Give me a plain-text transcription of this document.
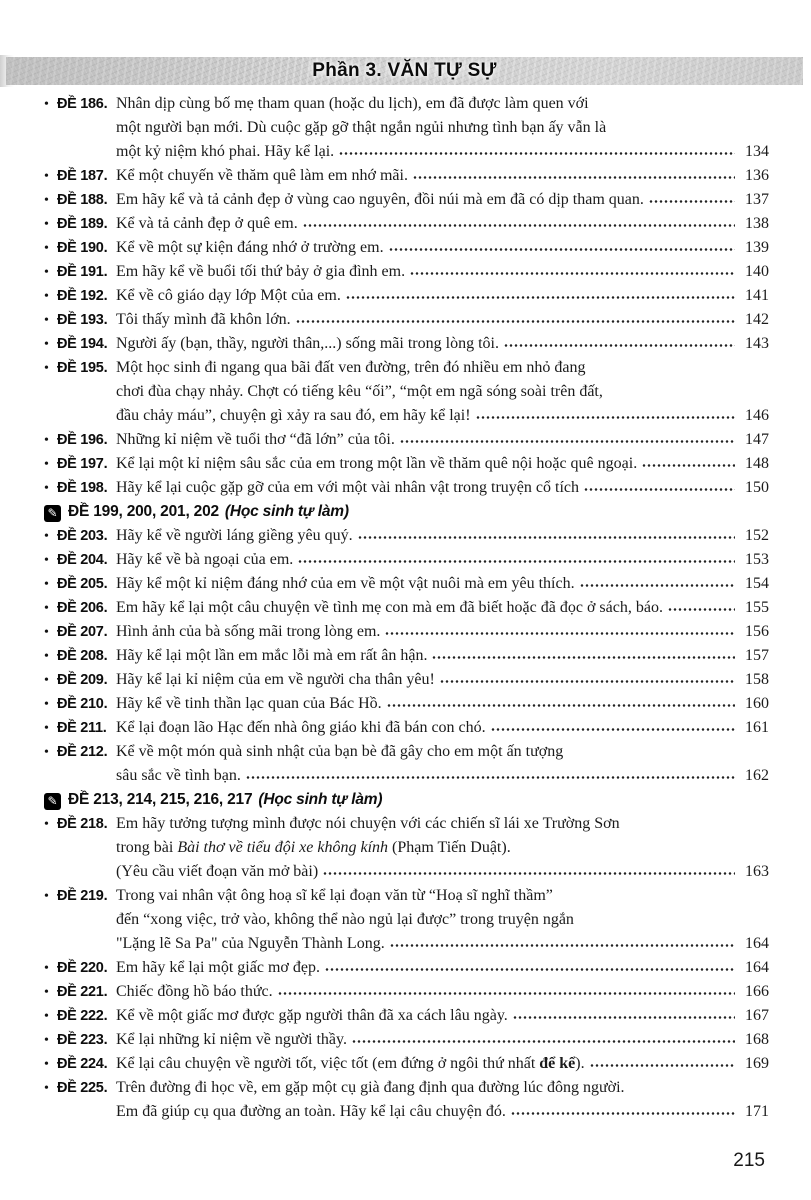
Phần 3. VĂN TỰ SỰ
• ĐỀ 186. Nhân dịp cùng bố mẹ tham quan (hoặc du lịch), em đã được làm quen với
một người bạn mới. Dù cuộc gặp gỡ thật ngắn ngủi nhưng tình bạn ấy vẫn là
một kỷ niệm khó phai. Hãy kể lại.	134
• ĐỀ 187. Kể một chuyến về thăm quê làm em nhớ mãi.	136
• ĐỀ 188. Em hãy kể và tả cảnh đẹp ở vùng cao nguyên, đồi núi mà em đã có dịp tham quan.	137
• ĐỀ 189. Kể và tả cảnh đẹp ở quê em.	138
• ĐỀ 190. Kể về một sự kiện đáng nhớ ở trường em.	139
• ĐỀ 191. Em hãy kể về buổi tối thứ bảy ở gia đình em.	140
• ĐỀ 192. Kể về cô giáo dạy lớp Một của em.	141
• ĐỀ 193. Tôi thấy mình đã khôn lớn.	142
• ĐỀ 194. Người ấy (bạn, thầy, người thân,...) sống mãi trong lòng tôi.	143
• ĐỀ 195. Một học sinh đi ngang qua bãi đất ven đường, trên đó nhiều em nhỏ đang
chơi đùa chạy nhảy. Chợt có tiếng kêu “ối”, “một em ngã sóng soài trên đất,
đầu chảy máu”, chuyện gì xảy ra sau đó, em hãy kể lại!	146
• ĐỀ 196. Những kỉ niệm về tuổi thơ “đã lớn” của tôi.	147
• ĐỀ 197. Kể lại một kỉ niệm sâu sắc của em trong một lần về thăm quê nội hoặc quê ngoại.	148
• ĐỀ 198. Hãy kể lại cuộc gặp gỡ của em với một vài nhân vật trong truyện cổ tích	150
✎ ĐỀ 199, 200, 201, 202 (Học sinh tự làm)
• ĐỀ 203. Hãy kể về người láng giềng yêu quý.	152
• ĐỀ 204. Hãy kể về bà ngoại của em.	153
• ĐỀ 205. Hãy kể một kỉ niệm đáng nhớ của em về một vật nuôi mà em yêu thích.	154
• ĐỀ 206. Em hãy kể lại một câu chuyện về tình mẹ con mà em đã biết hoặc đã đọc ở sách, báo.	155
• ĐỀ 207. Hình ảnh của bà sống mãi trong lòng em.	156
• ĐỀ 208. Hãy kể lại một lần em mắc lỗi mà em rất ân hận.	157
• ĐỀ 209. Hãy kể lại kỉ niệm của em về người cha thân yêu!	158
• ĐỀ 210. Hãy kể về tinh thần lạc quan của Bác Hồ.	160
• ĐỀ 211. Kể lại đoạn lão Hạc đến nhà ông giáo khi đã bán con chó.	161
• ĐỀ 212. Kể về một món quà sinh nhật của bạn bè đã gây cho em một ấn tượng
sâu sắc về tình bạn.	162
✎ ĐỀ 213, 214, 215, 216, 217 (Học sinh tự làm)
• ĐỀ 218. Em hãy tưởng tượng mình được nói chuyện với các chiến sĩ lái xe Trường Sơn
trong bài Bài thơ về tiểu đội xe không kính (Phạm Tiến Duật).
(Yêu cầu viết đoạn văn mở bài)	163
• ĐỀ 219. Trong vai nhân vật ông hoạ sĩ kể lại đoạn văn từ “Hoạ sĩ nghĩ thầm”
đến “xong việc, trở vào, không thể nào ngủ lại được” trong truyện ngắn
"Lặng lẽ Sa Pa" của Nguyễn Thành Long.	164
• ĐỀ 220. Em hãy kể lại một giấc mơ đẹp.	164
• ĐỀ 221. Chiếc đồng hồ báo thức.	166
• ĐỀ 222. Kể về một giấc mơ được gặp người thân đã xa cách lâu ngày.	167
• ĐỀ 223. Kể lại những kỉ niệm về người thầy.	168
• ĐỀ 224. Kể lại câu chuyện về người tốt, việc tốt (em đứng ở ngôi thứ nhất để kể).	169
• ĐỀ 225. Trên đường đi học về, em gặp một cụ già đang định qua đường lúc đông người.
Em đã giúp cụ qua đường an toàn. Hãy kể lại câu chuyện đó.	171
215
